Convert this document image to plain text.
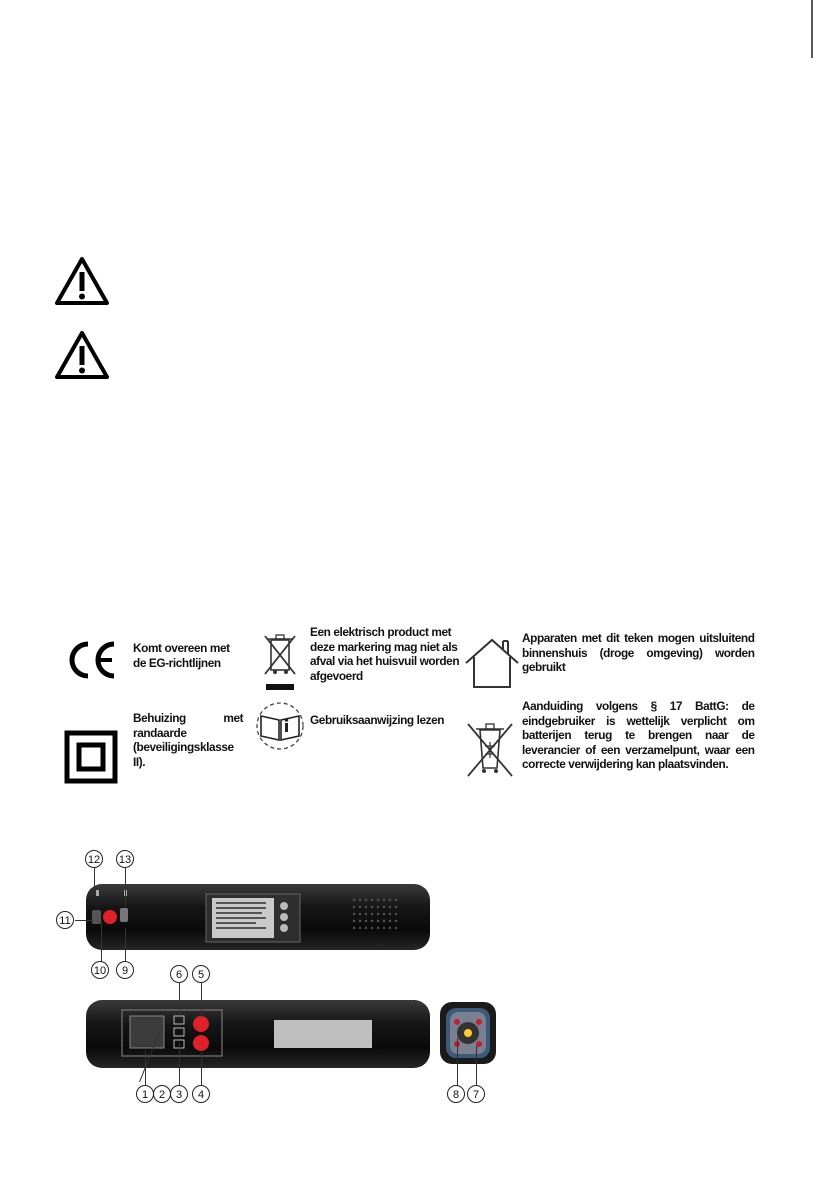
Komt overeen met de EG-richtlijnen
Een elektrisch product met deze markering mag niet als afval via het huisvuil worden afgevoerd
Apparaten met dit teken mogen uitsluitend binnenshuis (droge omgeving) worden gebruikt
Behuizing met randaarde (beveiligingsklasse II).
Gebruiksaanwijzing lezen
Aanduiding volgens § 17 BattG: de eindgebruiker is wettelijk verplicht om batterijen terug te brengen naar de leverancier of een verzamelpunt, waar een correcte verwijdering kan plaatsvinden.
12 13
11
10	9	6	5
1 2 3	4	8	7
